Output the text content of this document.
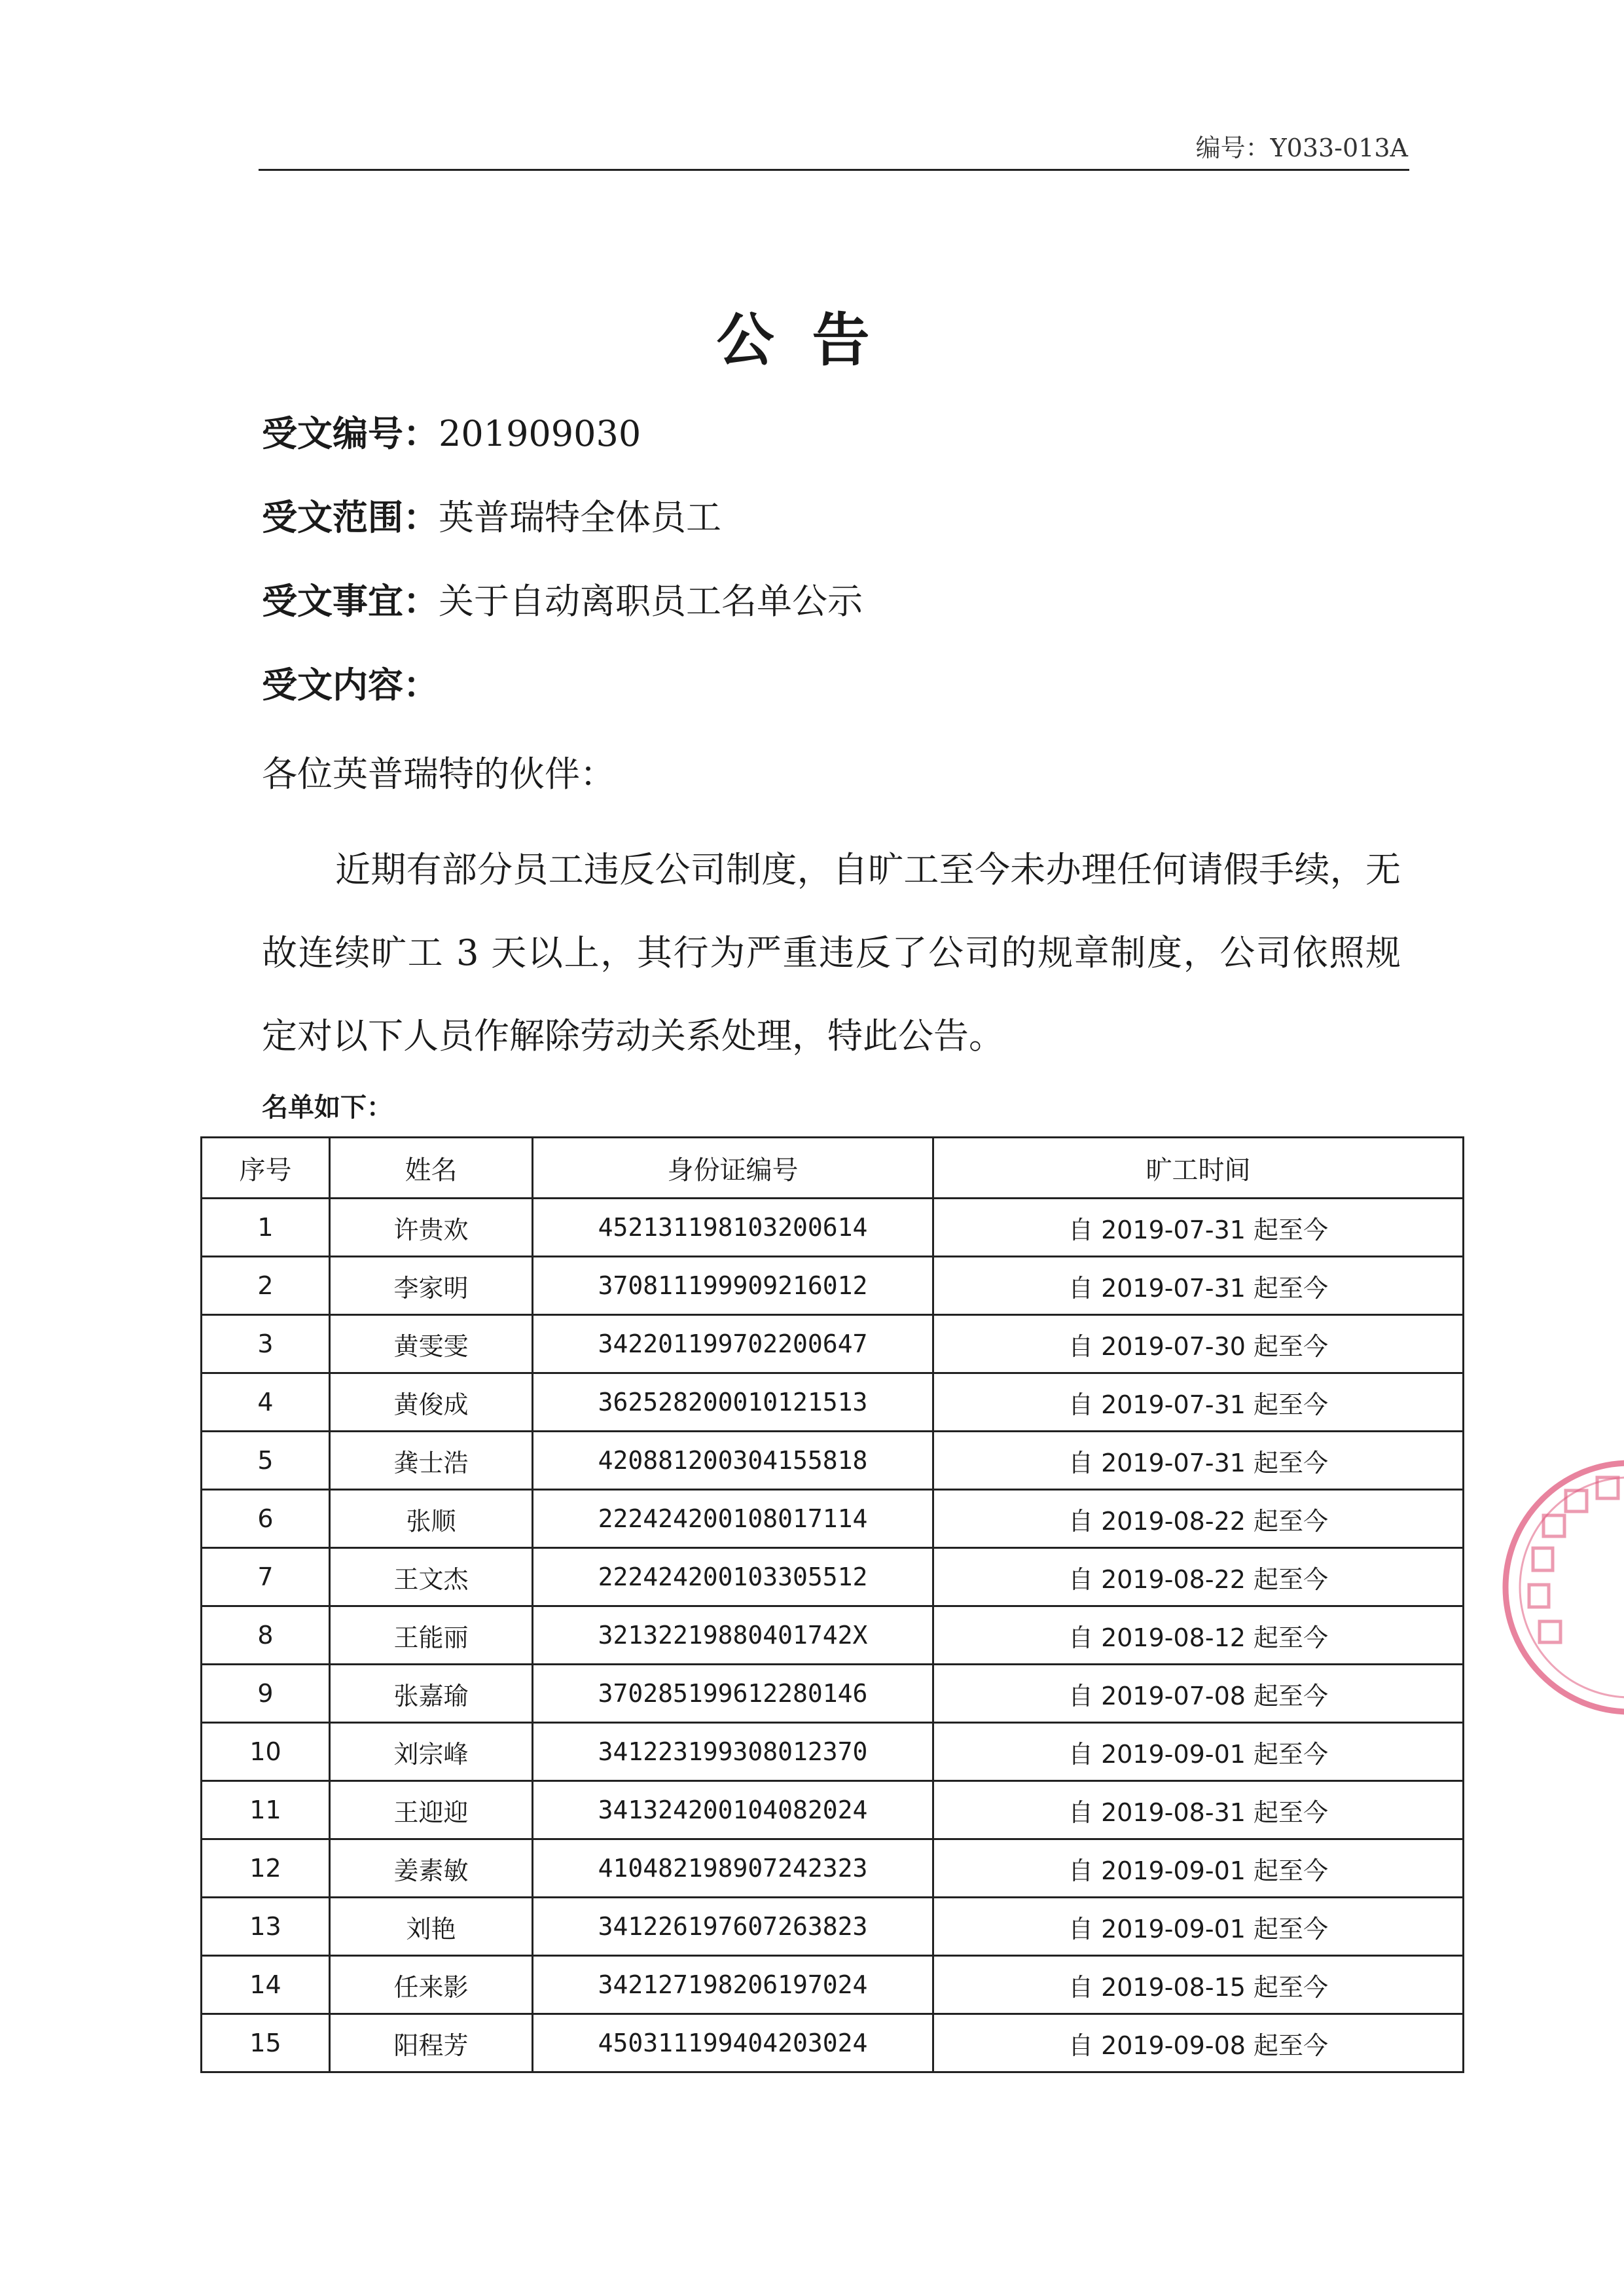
编号：Y033-013A
公告
受文编号：201909030
受文范围：英普瑞特全体员工
受文事宜：关于自动离职员工名单公示
受文内容：
各位英普瑞特的伙伴：
近期有部分员工违反公司制度，自旷工至今未办理任何请假手续，无故连续旷工 3 天以上，其行为严重违反了公司的规章制度，公司依照规定对以下人员作解除劳动关系处理，特此公告。
名单如下：
序号	姓名	身份证编号	旷工时间
1	许贵欢	452131198103200614	自 2019-07-31 起至今
2	李家明	370811199909216012	自 2019-07-31 起至今
3	黄雯雯	342201199702200647	自 2019-07-30 起至今
4	黄俊成	362528200010121513	自 2019-07-31 起至今
5	龚士浩	420881200304155818	自 2019-07-31 起至今
6	张顺	222424200108017114	自 2019-08-22 起至今
7	王文杰	222424200103305512	自 2019-08-22 起至今
8	王能丽	32132219880401742X	自 2019-08-12 起至今
9	张嘉瑜	370285199612280146	自 2019-07-08 起至今
10	刘宗峰	341223199308012370	自 2019-09-01 起至今
11	王迎迎	341324200104082024	自 2019-08-31 起至今
12	姜素敏	410482198907242323	自 2019-09-01 起至今
13	刘艳	341226197607263823	自 2019-09-01 起至今
14	任来影	342127198206197024	自 2019-08-15 起至今
15	阳程芳	450311199404203024	自 2019-09-08 起至今
